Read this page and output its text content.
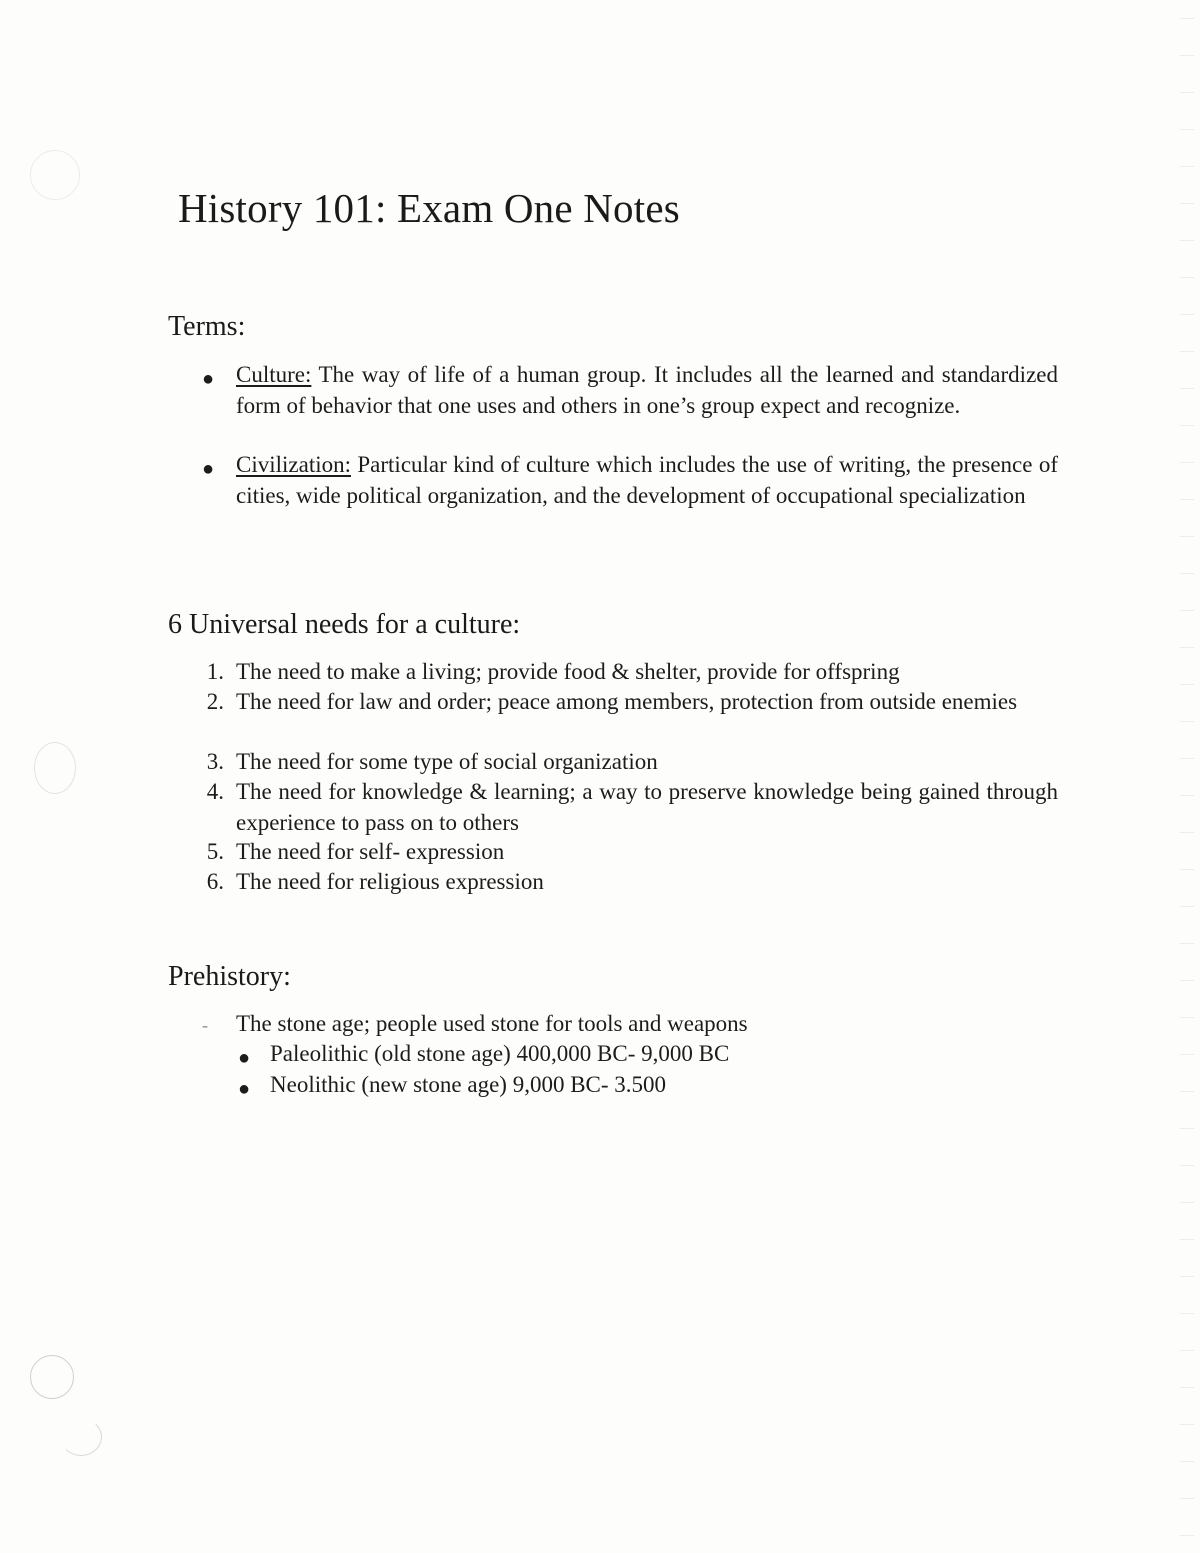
History 101: Exam One Notes
Terms:
● Culture: The way of life of a human group. It includes all the learned and standardized form of behavior that one uses and others in one’s group expect and recognize.
● Civilization: Particular kind of culture which includes the use of writing, the presence of cities, wide political organization, and the development of occupational specialization
6 Universal needs for a culture:
1. The need to make a living; provide food & shelter, provide for offspring
2. The need for law and order; peace among members, protection from outside enemies
3. The need for some type of social organization
4. The need for knowledge & learning; a way to preserve knowledge being gained through experience to pass on to others
5. The need for self- expression
6. The need for religious expression
Prehistory:
- The stone age; people used stone for tools and weapons
● Paleolithic (old stone age) 400,000 BC- 9,000 BC
● Neolithic (new stone age) 9,000 BC- 3.500
